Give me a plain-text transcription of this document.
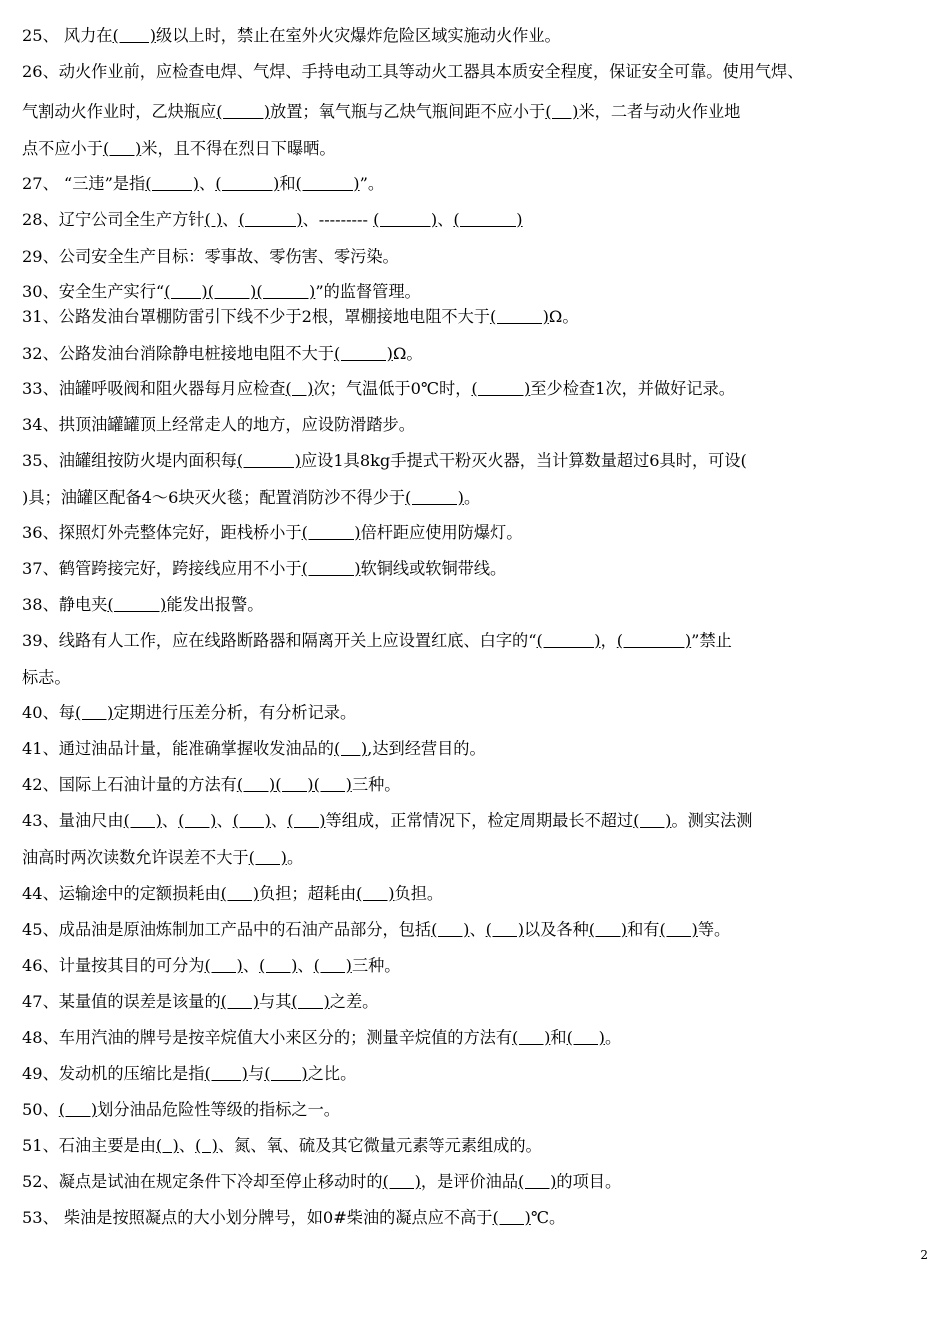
25、 风力在(      )级以上时，禁止在室外火灾爆炸危险区域实施动火作业。

26、动火作业前，应检查电焊、气焊、手持电动工具等动火工器具本质安全程度，保证安全可靠。使用气焊、

气割动火作业时，乙炔瓶应(        )放置；氧气瓶与乙炔气瓶间距不应小于(    )米，二者与动火作业地

点不应小于(     )米，且不得在烈日下曝晒。

27、 “三违”是指(        )、(          )和(          )”。

28、辽宁公司全生产方针( )、(          )、--------- (          )、(           )

29、公司安全生产目标：零事故、零伤害、零污染。

30、安全生产实行“(      )(       )(         )”的监督管理。

31、公路发油台罩棚防雷引下线不少于2根，罩棚接地电阻不大于(         )Ω。

32、公路发油台消除静电桩接地电阻不大于(         )Ω。

33、油罐呼吸阀和阻火器每月应检查(   )次；气温低于0℃时，(         )至少检查1次，并做好记录。

34、拱顶油罐罐顶上经常走人的地方，应设防滑踏步。

35、油罐组按防火堤内面积每(          )应设1具8kg手提式干粉灭火器，当计算数量超过6具时，可设(

)具；油罐区配备4～6块灭火毯；配置消防沙不得少于(         )。

36、探照灯外壳整体完好，距栈桥小于(         )倍杆距应使用防爆灯。

37、鹤管跨接完好，跨接线应用不小于(         )软铜线或软铜带线。

38、静电夹(         )能发出报警。

39、线路有人工作，应在线路断路器和隔离开关上应设置红底、白字的“(          )，(            )”禁止

标志。

40、每(     )定期进行压差分析，有分析记录。

41、通过油品计量，能准确掌握收发油品的(    ),达到经营目的。

42、国际上石油计量的方法有(     )(     )(     )三种。

43、量油尺由(     )、(     )、(     )、(     )等组成，正常情况下，检定周期最长不超过(     )。测实法测

油高时两次读数允许误差不大于(     )。

44、运输途中的定额损耗由(     )负担；超耗由(     )负担。

45、成品油是原油炼制加工产品中的石油产品部分，包括(     )、(     )以及各种(     )和有(     )等。

46、计量按其目的可分为(     )、(     )、(     )三种。

47、某量值的误差是该量的(     )与其(     )之差。

48、车用汽油的牌号是按辛烷值大小来区分的；测量辛烷值的方法有(     )和(     )。

49、发动机的压缩比是指(      )与(      )之比。

50、(     )划分油品危险性等级的指标之一。

51、石油主要是由(  )、(  )、氮、氧、硫及其它微量元素等元素组成的。

52、凝点是试油在规定条件下冷却至停止移动时的(     )，是评价油品(     )的项目。

53、 柴油是按照凝点的大小划分牌号，如0#柴油的凝点应不高于(     )℃。

2
